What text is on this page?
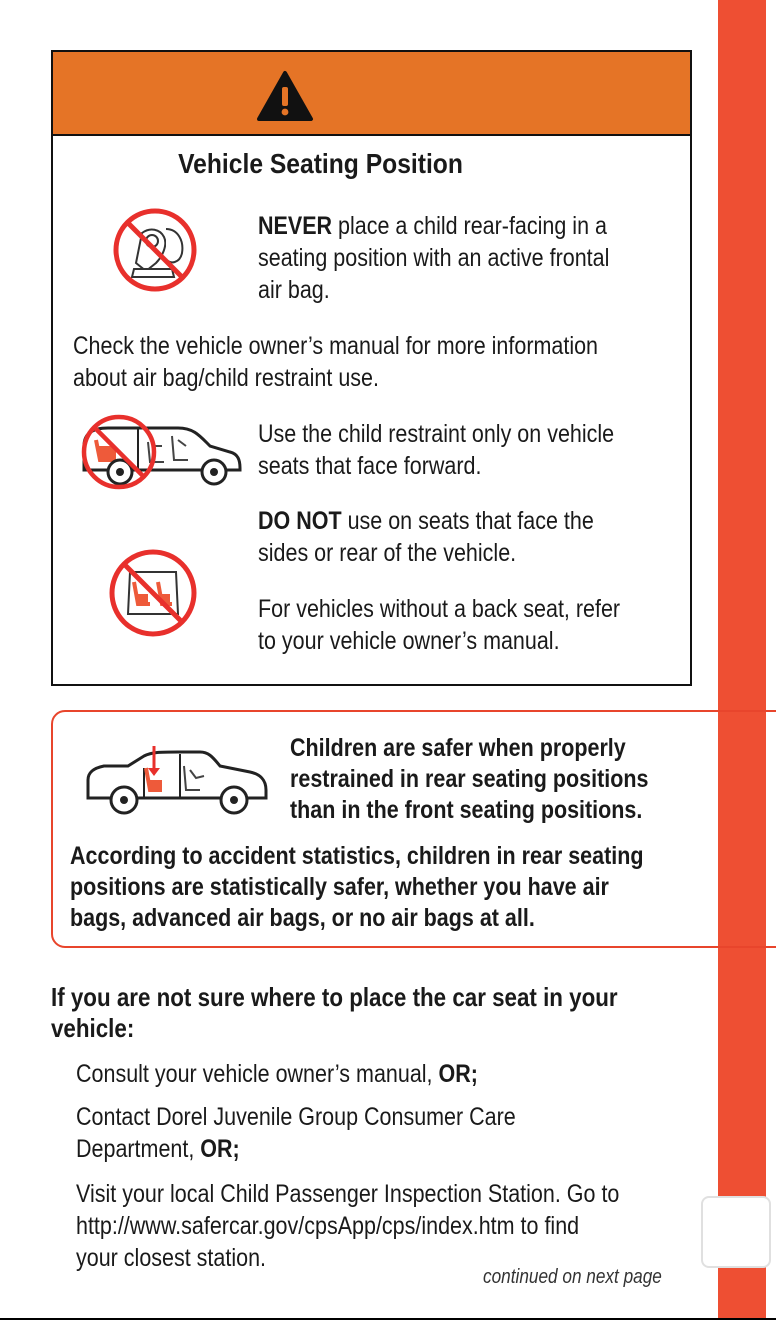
Vehicle Seating Position
NEVER place a child rear-facing in a
seating position with an active frontal
air bag.
Check the vehicle owner’s manual for more information
about air bag/child restraint use.
Use the child restraint only on vehicle
seats that face forward.
DO NOT use on seats that face the
sides or rear of the vehicle.
For vehicles without a back seat, refer
to your vehicle owner’s manual.
Children are safer when properly
restrained in rear seating positions
than in the front seating positions.
According to accident statistics, children in rear seating
positions are statistically safer, whether you have air
bags, advanced air bags, or no air bags at all.
If you are not sure where to place the car seat in your
vehicle:
Consult your vehicle owner’s manual, OR;
Contact Dorel Juvenile Group Consumer Care
Department, OR;
Visit your local Child Passenger Inspection Station. Go to
http://www.safercar.gov/cpsApp/cps/index.htm to find
your closest station.
continued on next page
